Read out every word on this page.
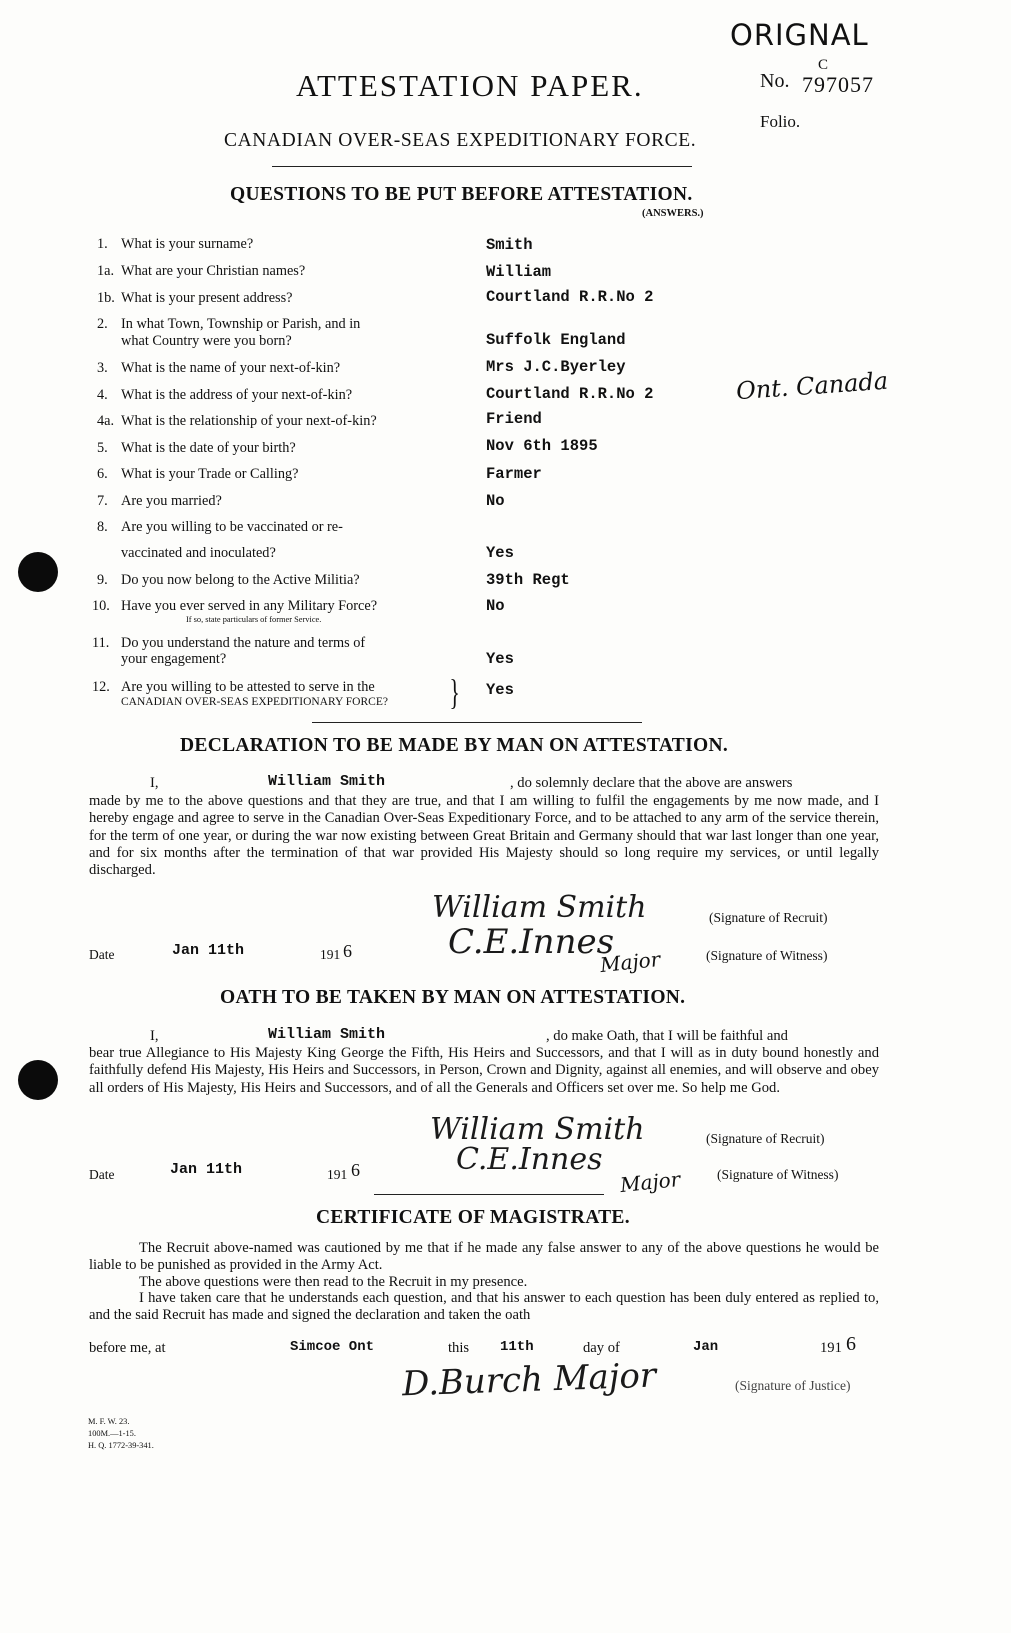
ORIGNAL
C
No. 797057
Folio.
ATTESTATION PAPER.
CANADIAN OVER-SEAS EXPEDITIONARY FORCE.
QUESTIONS TO BE PUT BEFORE ATTESTATION.
(ANSWERS.)
1. What is your surname?	Smith
1a. What are your Christian names?	William
1b. What is your present address?	Courtland R.R.No 2
2. In what Town, Township or Parish, and in
what Country were you born?	Suffolk England
3. What is the name of your next-of-kin?	Mrs J.C.Byerley
4. What is the address of your next-of-kin?	Courtland R.R.No 2	Ont. Canada
4a. What is the relationship of your next-of-kin?	Friend
5. What is the date of your birth?	Nov 6th 1895
6. What is your Trade or Calling?	Farmer
7. Are you married?	No
8. Are you willing to be vaccinated or re-
vaccinated and inoculated?	Yes
9. Do you now belong to the Active Militia?	39th Regt
10. Have you ever served in any Military Force?
If so, state particulars of former Service.
No
11. Do you understand the nature and terms of
your engagement?	Yes
12. Are you willing to be attested to serve in the
CANADIAN OVER-SEAS EXPEDITIONARY FORCE? } Yes
DECLARATION TO BE MADE BY MAN ON ATTESTATION.
I,	William Smith	, do solemnly declare that the above are answers
made by me to the above questions and that they are true, and that I am willing to fulfil the engagements by me now made, and I hereby engage and agree to serve in the Canadian Over-Seas Expeditionary Force, and to be attached to any arm of the service therein, for the term of one year, or during the war now existing between Great Britain and Germany should that war last longer than one year, and for six months after the termination of that war provided His Majesty should so long require my services, or until legally discharged.
William Smith	(Signature of Recruit)
Date	Jan 11th	191 6	C.E.Innes
Major	(Signature of Witness)
OATH TO BE TAKEN BY MAN ON ATTESTATION.
I,	William Smith	, do make Oath, that I will be faithful and
bear true Allegiance to His Majesty King George the Fifth, His Heirs and Successors, and that I will as in duty bound honestly and faithfully defend His Majesty, His Heirs and Successors, in Person, Crown and Dignity, against all enemies, and will observe and obey all orders of His Majesty, His Heirs and Successors, and of all the Generals and Officers set over me. So help me God.
William Smith	(Signature of Recruit)
Date	Jan 11th	191 6	C.E.Innes
Major	(Signature of Witness)
CERTIFICATE OF MAGISTRATE.
The Recruit above-named was cautioned by me that if he made any false answer to any of the above questions he would be liable to be punished as provided in the Army Act.
The above questions were then read to the Recruit in my presence.
I have taken care that he understands each question, and that his answer to each question has been duly entered as replied to, and the said Recruit has made and signed the declaration and taken the oath
before me, at	Simcoe Ont	this 11th	day of	Jan	191 6
D.Burch Major	(Signature of Justice)
M. F. W. 23.
100M.—1-15.
H. Q. 1772-39-341.
